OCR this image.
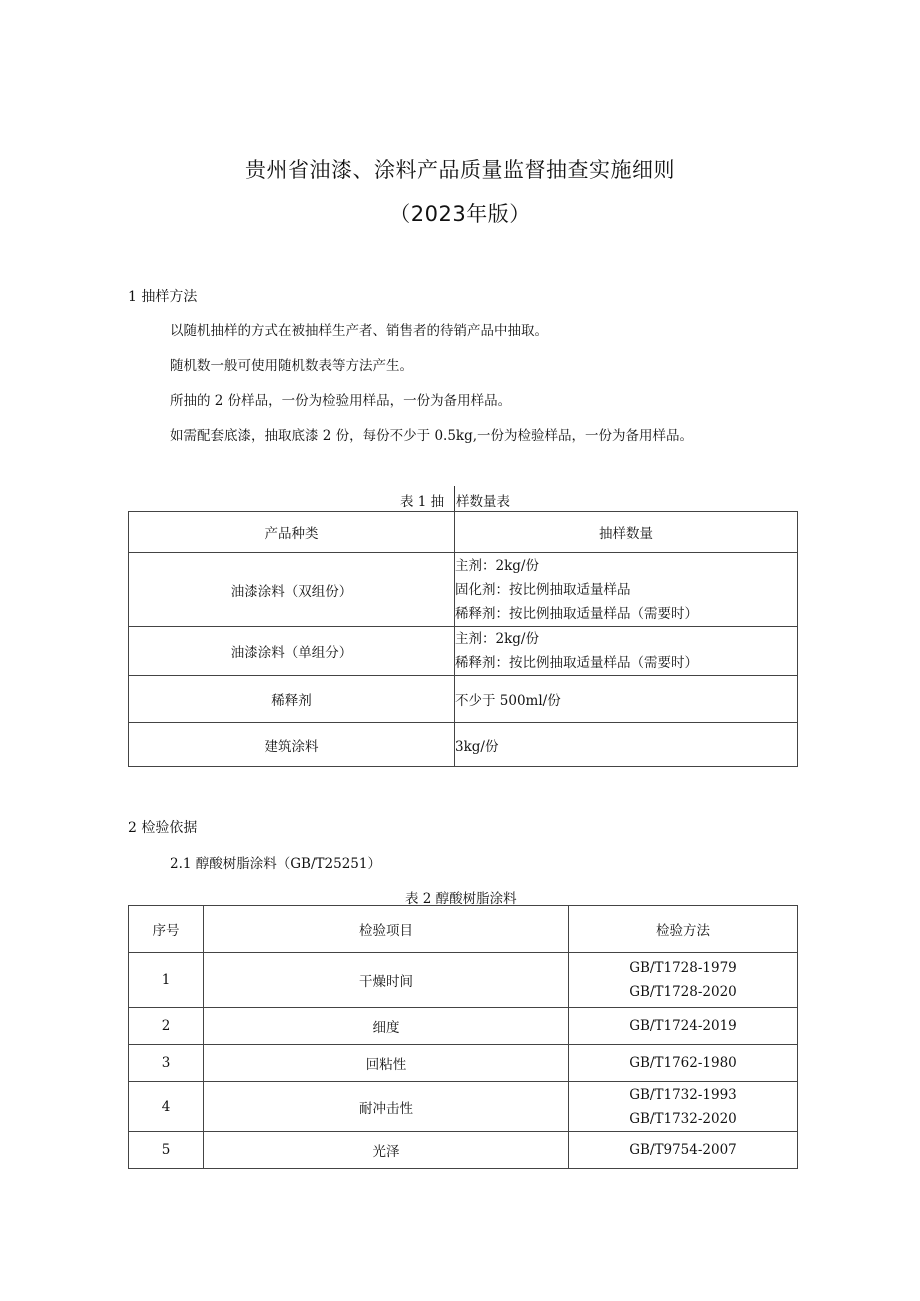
贵州省油漆、涂料产品质量监督抽查实施细则
（2023年版）
1 抽样方法
以随机抽样的方式在被抽样生产者、销售者的待销产品中抽取。
随机数一般可使用随机数表等方法产生。
所抽的 2 份样品，一份为检验用样品，一份为备用样品。
如需配套底漆，抽取底漆 2 份，每份不少于 0.5kg,一份为检验样品，一份为备用样品。
表 1 抽 样数量表
产品种类	抽样数量
油漆涂料（双组份）	主剂：2kg/份
固化剂：按比例抽取适量样品
稀释剂：按比例抽取适量样品（需要时）

油漆涂料（单组分）	主剂：2kg/份
稀释剂：按比例抽取适量样品（需要时）

稀释剂	不少于 500ml/份
建筑涂料	3kg/份
2 检验依据
2.1 醇酸树脂涂料（GB/T25251）
表 2 醇酸树脂涂料
序号	检验项目	检验方法
1	干燥时间	GB/T1728-1979
GB/T1728-2020

2	细度	GB/T1724-2019
3	回粘性	GB/T1762-1980
4	耐冲击性	GB/T1732-1993
GB/T1732-2020

5	光泽	GB/T9754-2007
